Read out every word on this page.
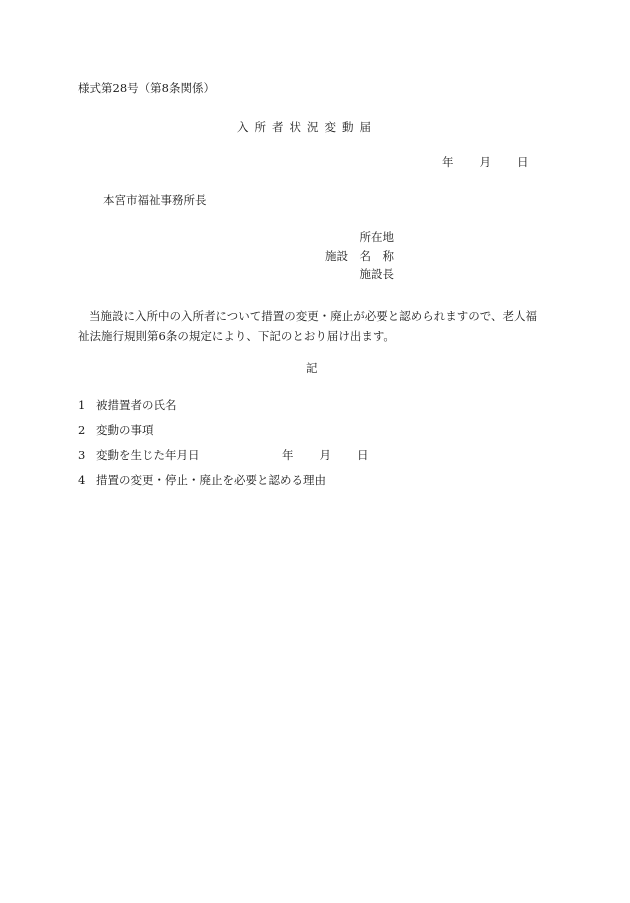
様式第28号（第8条関係）
入所者状況変動届
年 月 日
本宮市福祉事務所長
所在地
施設　名　称
施設長
当施設に入所中の入所者について措置の変更・廃止が必要と認められますので、老人福祉法施行規則第6条の規定により、下記のとおり届け出ます。
記
1 被措置者の氏名
2 変動の事項
3 変動を生じた年月日	年 月 日
4 措置の変更・停止・廃止を必要と認める理由
